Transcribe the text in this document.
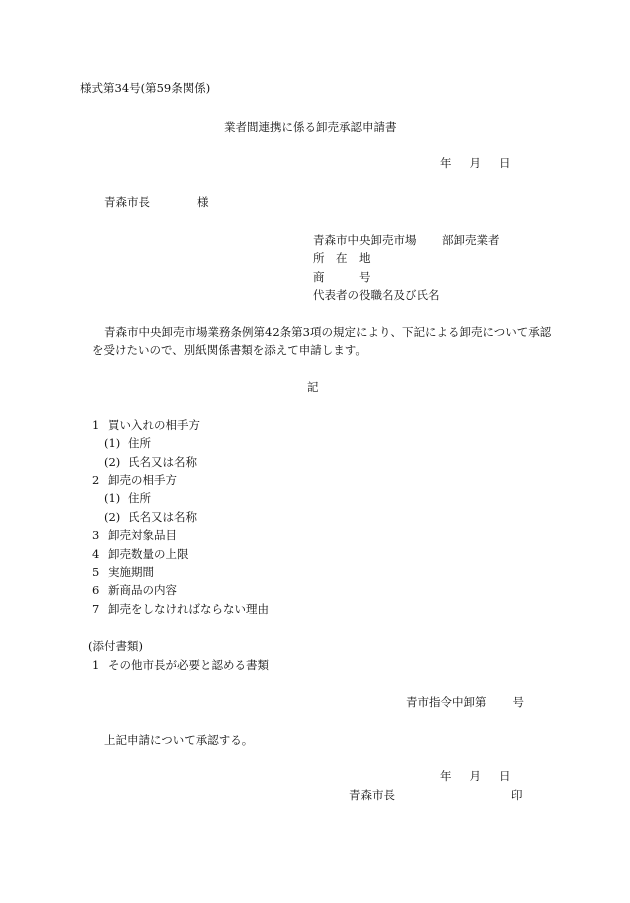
様式第34号(第59条関係)
業者間連携に係る卸売承認申請書
年 月 日
青森市長	様
青森市中央卸売市場 部卸売業者
所　在　地
商　　　号
代表者の役職名及び氏名
青森市中央卸売市場業務条例第42条第3項の規定により、下記による卸売について承認
を受けたいので、別紙関係書類を添えて申請します。
記
1 買い入れの相手方
(1) 住所
(2) 氏名又は名称
2 卸売の相手方
(1) 住所
(2) 氏名又は名称
3 卸売対象品目
4 卸売数量の上限
5 実施期間
6 新商品の内容
7 卸売をしなければならない理由
(添付書類)
1 その他市長が必要と認める書類
青市指令中卸第 号
上記申請について承認する。
年 月 日
青森市長	印
